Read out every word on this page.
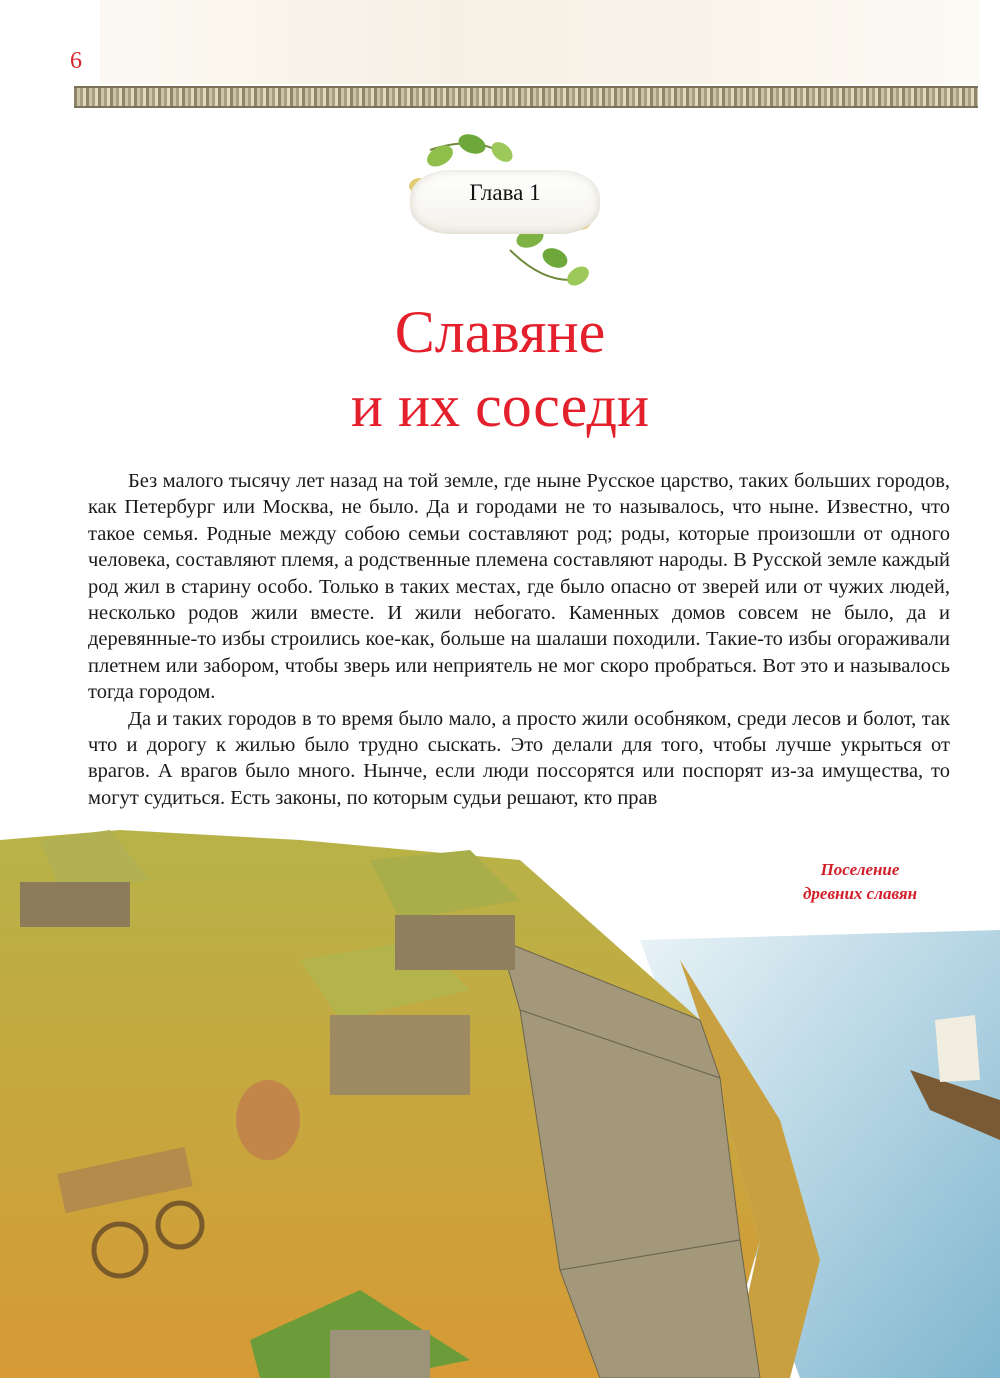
6
Глава 1
Славяне
и их соседи

Без малого тысячу лет назад на той земле, где ныне Русское царство, таких больших городов, как Петербург или Москва, не было. Да и городами не то называлось, что ныне. Известно, что такое семья. Родные между собою семьи составляют род; роды, которые произошли от одного человека, составляют племя, а родственные племена составляют народы. В Русской земле каждый род жил в старину особо. Только в таких местах, где было опасно от зверей или от чужих людей, несколько родов жили вместе. И жили небогато. Каменных домов совсем не было, да и деревянные-то избы строились кое-как, больше на шалаши походили. Такие-то избы огораживали плетнем или забором, чтобы зверь или неприятель не мог скоро пробраться. Вот это и называлось тогда городом.

Да и таких городов в то время было мало, а просто жили особняком, среди лесов и болот, так что и дорогу к жилью было трудно сыскать. Это делали для того, чтобы лучше укрыться от врагов. А врагов было много. Нынче, если люди поссорятся или поспорят из-за имущества, то могут судиться. Есть законы, по которым судьи решают, кто прав

Поселение
древних славян
